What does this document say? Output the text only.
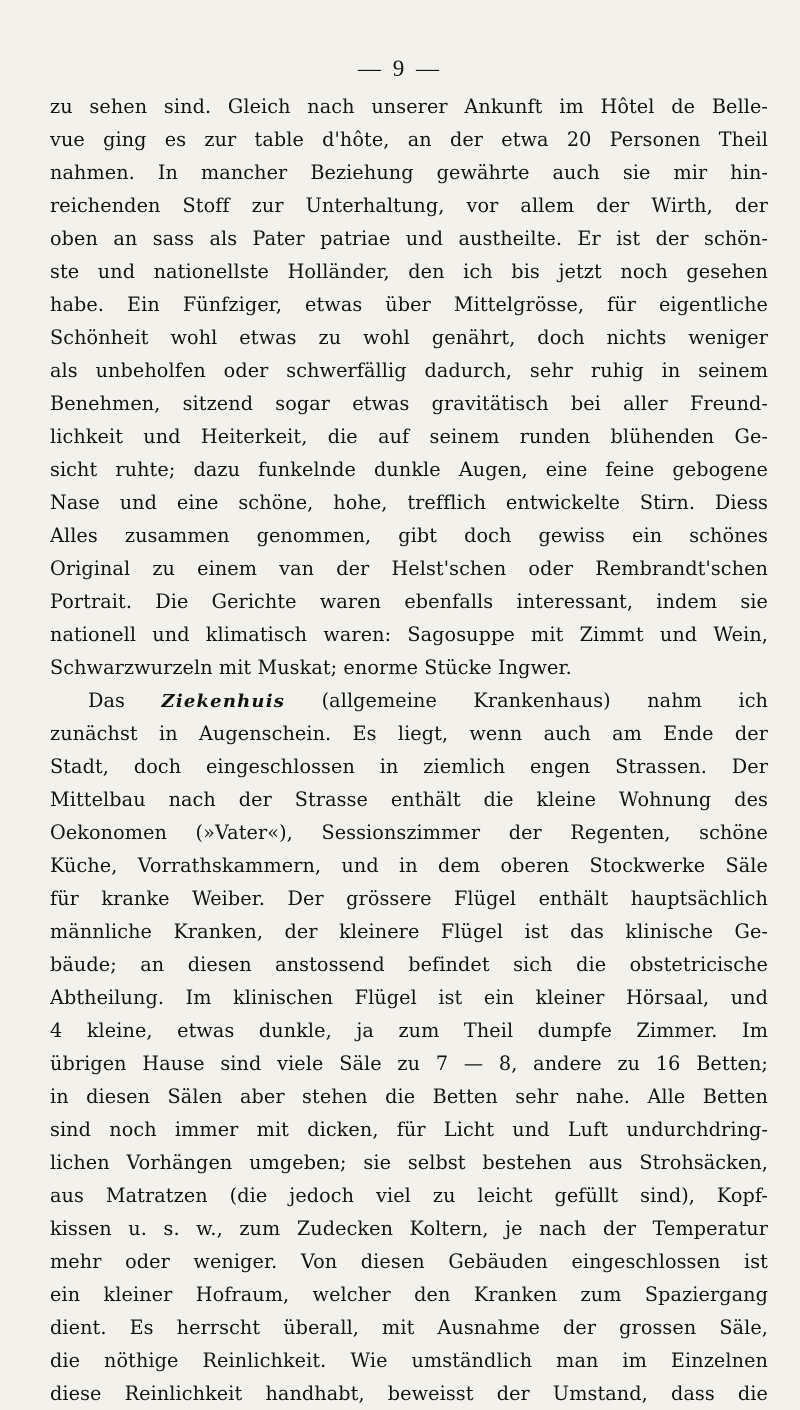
— 9 —
zu sehen sind. Gleich nach unserer Ankunft im Hôtel de Belle-
vue ging es zur table d'hôte, an der etwa 20 Personen Theil
nahmen. In mancher Beziehung gewährte auch sie mir hin-
reichenden Stoff zur Unterhaltung, vor allem der Wirth, der
oben an sass als Pater patriae und austheilte. Er ist der schön-
ste und nationellste Holländer, den ich bis jetzt noch gesehen
habe. Ein Fünfziger, etwas über Mittelgrösse, für eigentliche
Schönheit wohl etwas zu wohl genährt, doch nichts weniger
als unbeholfen oder schwerfällig dadurch, sehr ruhig in seinem
Benehmen, sitzend sogar etwas gravitätisch bei aller Freund-
lichkeit und Heiterkeit, die auf seinem runden blühenden Ge-
sicht ruhte; dazu funkelnde dunkle Augen, eine feine gebogene
Nase und eine schöne, hohe, trefflich entwickelte Stirn. Diess
Alles zusammen genommen, gibt doch gewiss ein schönes
Original zu einem van der Helst'schen oder Rembrandt'schen
Portrait. Die Gerichte waren ebenfalls interessant, indem sie
nationell und klimatisch waren: Sagosuppe mit Zimmt und Wein,
Schwarzwurzeln mit Muskat; enorme Stücke Ingwer.
Das Ziekenhuis (allgemeine Krankenhaus) nahm ich
zunächst in Augenschein. Es liegt, wenn auch am Ende der
Stadt, doch eingeschlossen in ziemlich engen Strassen. Der
Mittelbau nach der Strasse enthält die kleine Wohnung des
Oekonomen (»Vater«), Sessionszimmer der Regenten, schöne
Küche, Vorrathskammern, und in dem oberen Stockwerke Säle
für kranke Weiber. Der grössere Flügel enthält hauptsächlich
männliche Kranken, der kleinere Flügel ist das klinische Ge-
bäude; an diesen anstossend befindet sich die obstetricische
Abtheilung. Im klinischen Flügel ist ein kleiner Hörsaal, und
4 kleine, etwas dunkle, ja zum Theil dumpfe Zimmer. Im
übrigen Hause sind viele Säle zu 7 — 8, andere zu 16 Betten;
in diesen Sälen aber stehen die Betten sehr nahe. Alle Betten
sind noch immer mit dicken, für Licht und Luft undurchdring-
lichen Vorhängen umgeben; sie selbst bestehen aus Strohsäcken,
aus Matratzen (die jedoch viel zu leicht gefüllt sind), Kopf-
kissen u. s. w., zum Zudecken Koltern, je nach der Temperatur
mehr oder weniger. Von diesen Gebäuden eingeschlossen ist
ein kleiner Hofraum, welcher den Kranken zum Spaziergang
dient. Es herrscht überall, mit Ausnahme der grossen Säle,
die nöthige Reinlichkeit. Wie umständlich man im Einzelnen
diese Reinlichkeit handhabt, beweisst der Umstand, dass die
